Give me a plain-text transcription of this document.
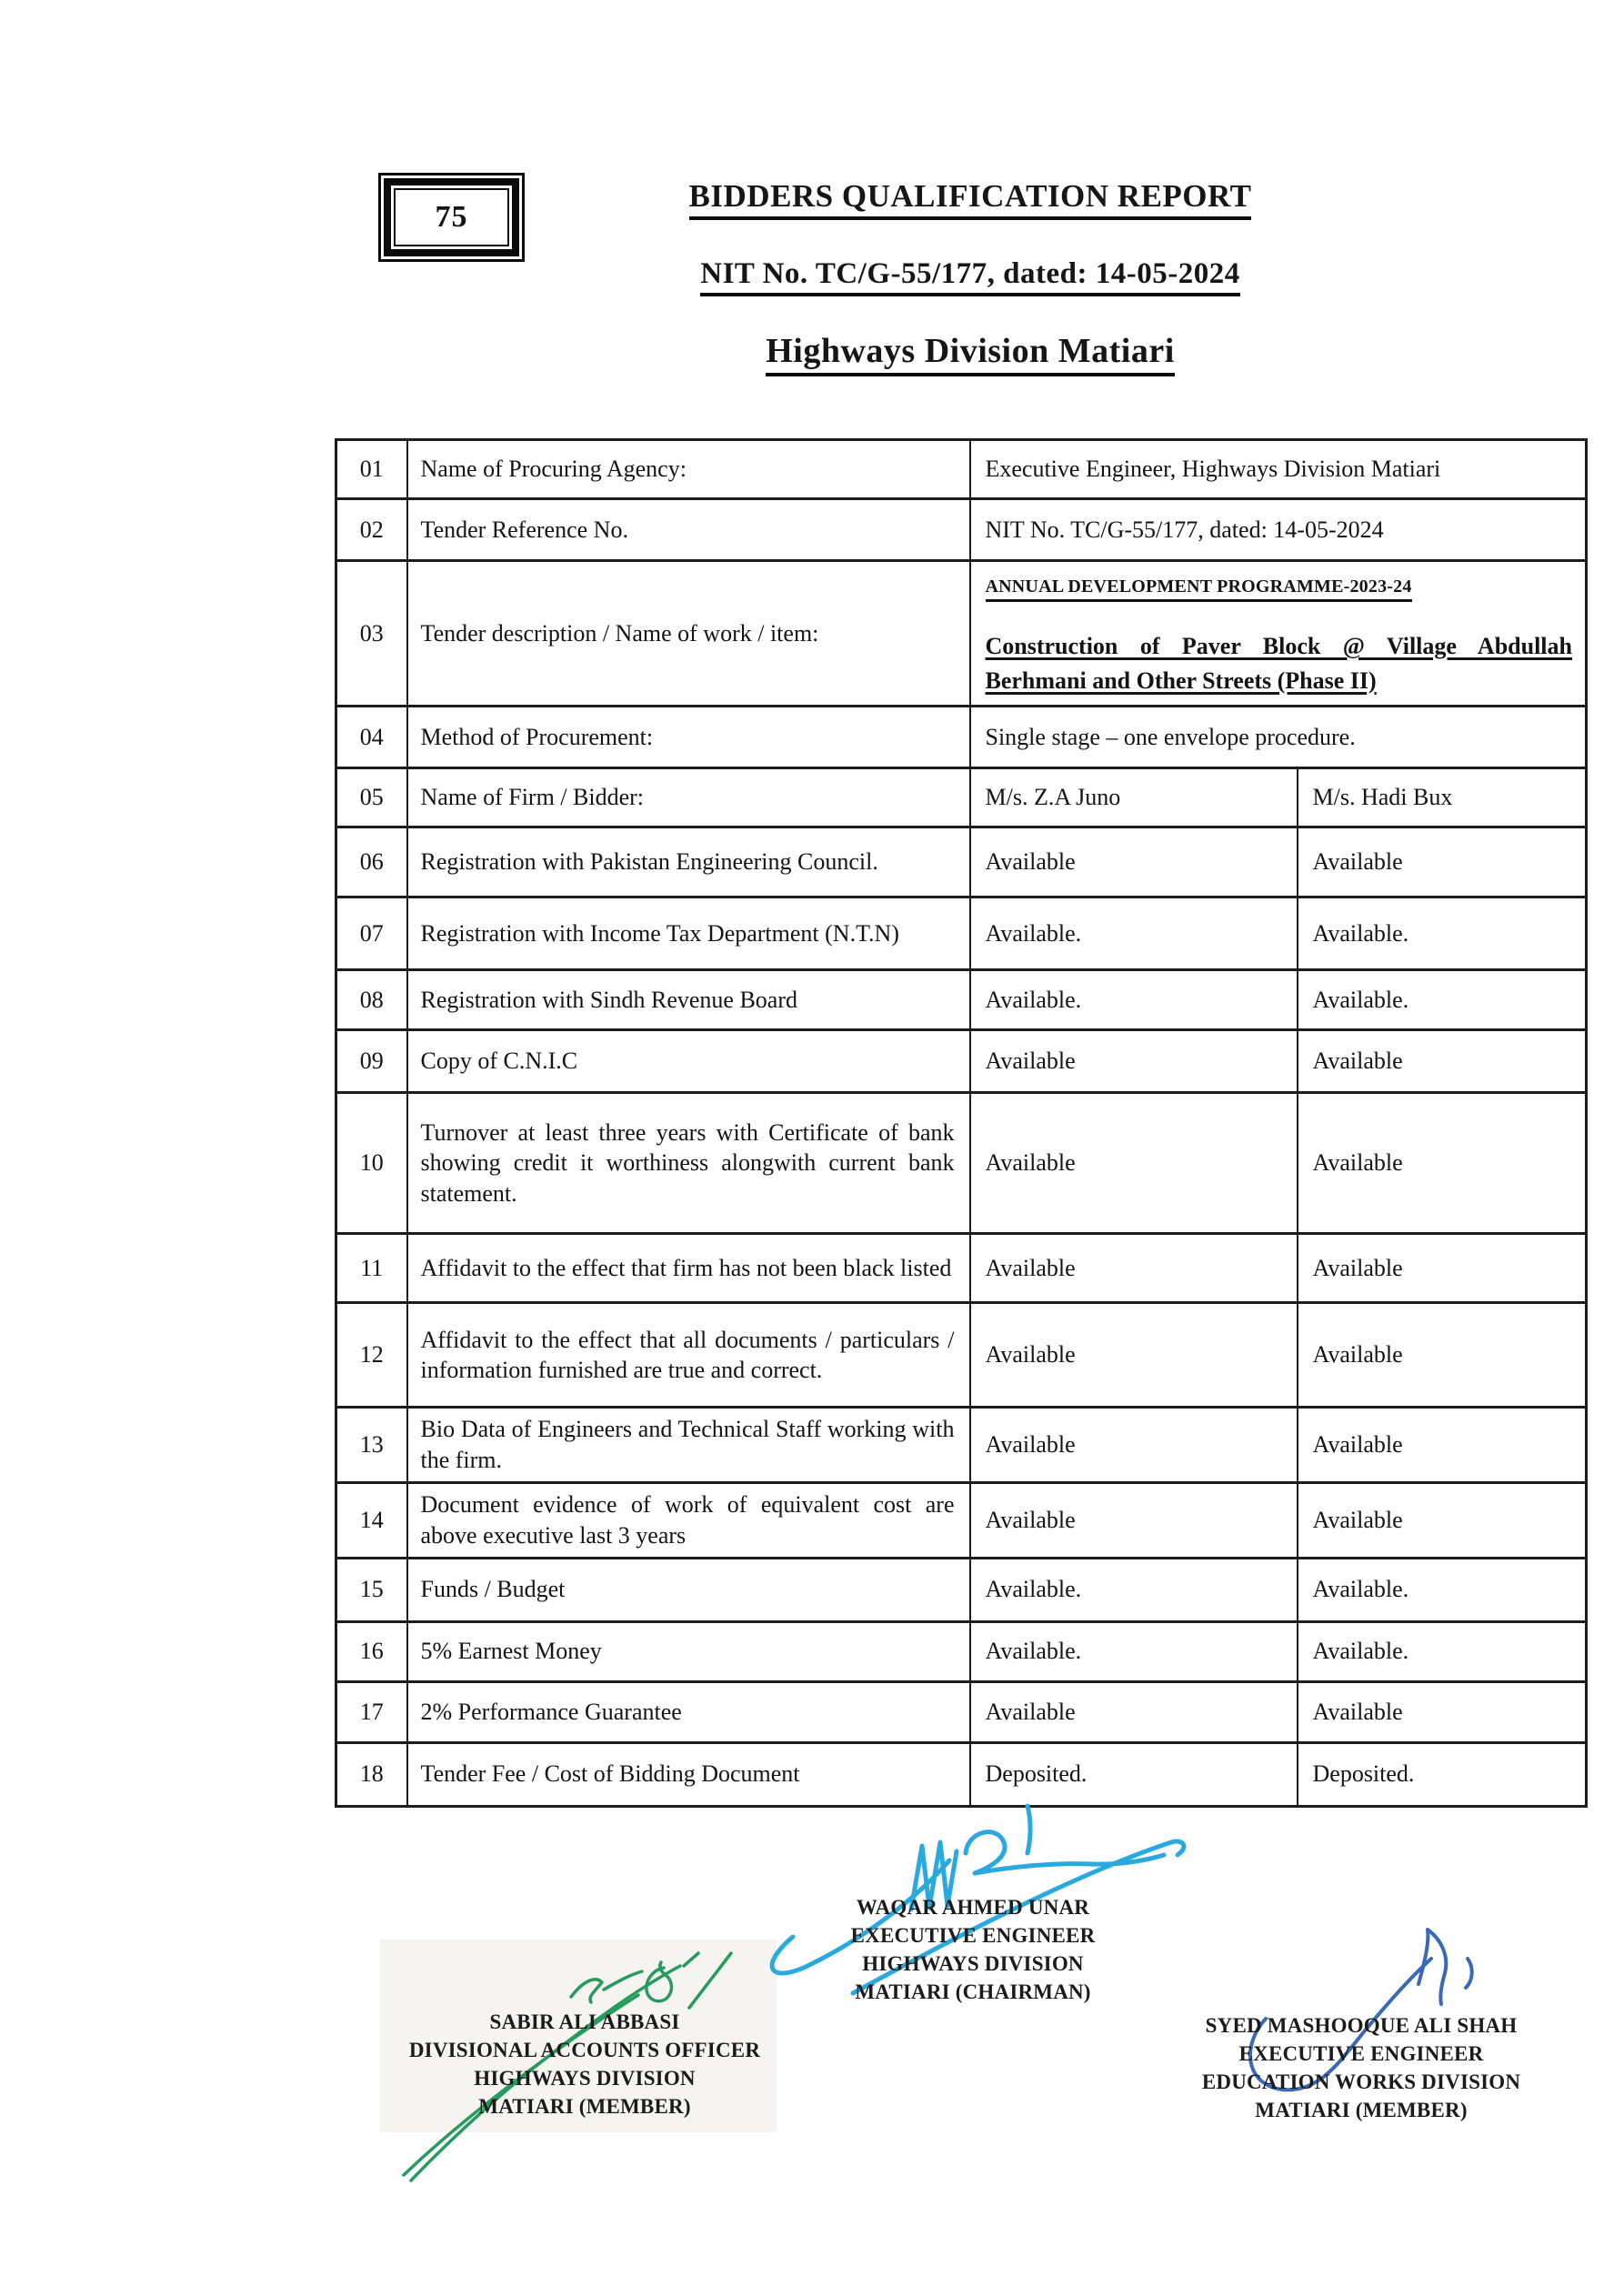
75
BIDDERS QUALIFICATION REPORT
NIT No. TC/G-55/177, dated: 14-05-2024
Highways Division Matiari
01	Name of Procuring Agency:	Executive Engineer, Highways Division Matiari	
02	Tender Reference No.	NIT No. TC/G-55/177, dated: 14-05-2024	
03	Tender description / Name of work / item:	ANNUAL DEVELOPMENT PROGRAMME-2023-24
Construction of Paver Block @ Village Abdullah Berhmani and Other Streets (Phase II)	

04	Method of Procurement:	Single stage – one envelope procedure.	
05	Name of Firm / Bidder:	M/s. Z.A Juno	M/s. Hadi Bux
06	Registration with Pakistan Engineering Council.	Available	Available
07	Registration with Income Tax Department (N.T.N)	Available.	Available.
08	Registration with Sindh Revenue Board	Available.	Available.
09	Copy of C.N.I.C	Available	Available
10	Turnover at least three years with Certificate of bank showing credit it worthiness alongwith current bank statement.	Available	Available
11	Affidavit to the effect that firm has not been black listed	Available	Available
12	Affidavit to the effect that all documents / particulars / information furnished are true and correct.	Available	Available
13	Bio Data of Engineers and Technical Staff working with the firm.	Available	Available
14	Document evidence of work of equivalent cost are above executive last 3 years	Available	Available
15	Funds / Budget	Available.	Available.
16	5% Earnest Money	Available.	Available.
17	2% Performance Guarantee	Available	Available
18	Tender Fee / Cost of Bidding Document	Deposited.	Deposited.
WAQAR AHMED UNAR
EXECUTIVE ENGINEER
HIGHWAYS DIVISION
MATIARI (CHAIRMAN)
SABIR ALI ABBASI
DIVISIONAL ACCOUNTS OFFICER
HIGHWAYS DIVISION
MATIARI (MEMBER)
SYED MASHOOQUE ALI SHAH
EXECUTIVE ENGINEER
EDUCATION WORKS DIVISION
MATIARI (MEMBER)
